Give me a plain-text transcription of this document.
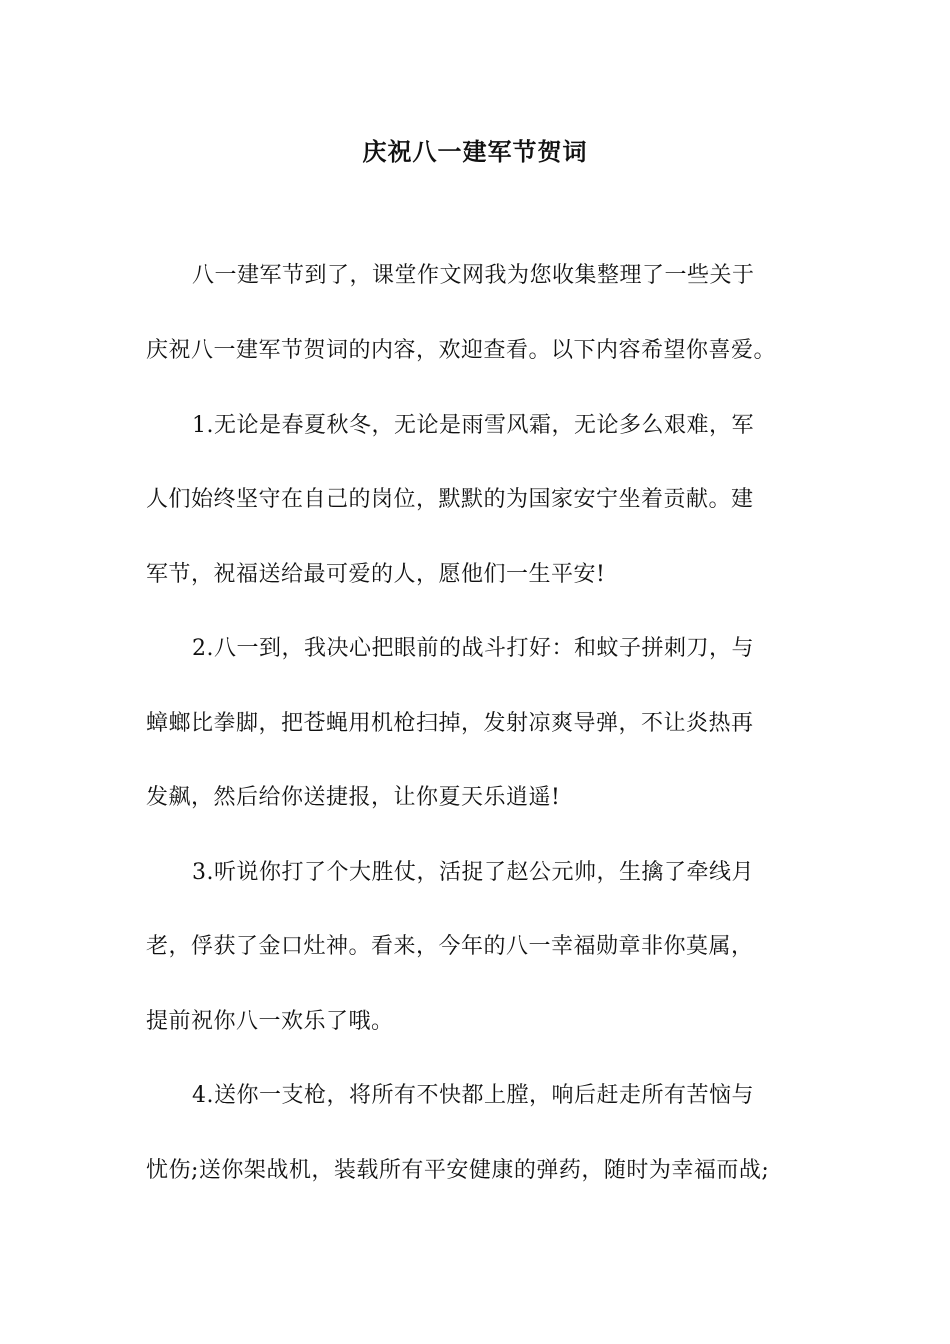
庆祝八一建军节贺词
八一建军节到了，课堂作文网我为您收集整理了一些关于
庆祝八一建军节贺词的内容，欢迎查看。以下内容希望你喜爱。
1.无论是春夏秋冬，无论是雨雪风霜，无论多么艰难，军
人们始终坚守在自己的岗位，默默的为国家安宁坐着贡献。建
军节，祝福送给最可爱的人，愿他们一生平安!
2.八一到，我决心把眼前的战斗打好：和蚊子拼刺刀，与
蟑螂比拳脚，把苍蝇用机枪扫掉，发射凉爽导弹，不让炎热再
发飙，然后给你送捷报，让你夏天乐逍遥!
3.听说你打了个大胜仗，活捉了赵公元帅，生擒了牵线月
老，俘获了金口灶神。看来，今年的八一幸福勋章非你莫属，
提前祝你八一欢乐了哦。
4.送你一支枪，将所有不快都上膛，响后赶走所有苦恼与
忧伤;送你架战机，装载所有平安健康的弹药，随时为幸福而战;
